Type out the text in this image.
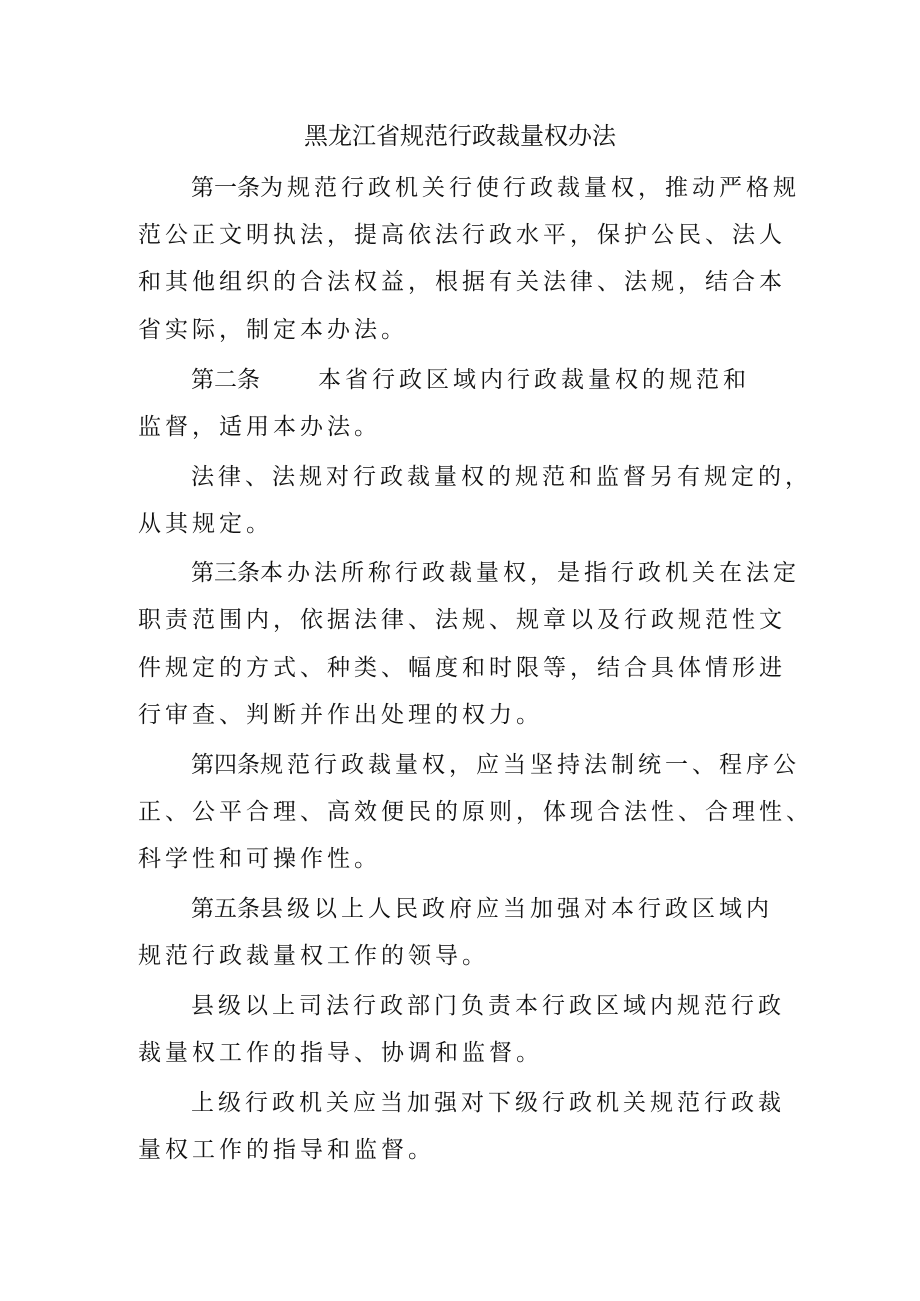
黑龙江省规范行政裁量权办法
第一条为规范行政机关行使行政裁量权，推动严格规
范公正文明执法，提高依法行政水平，保护公民、法人
和其他组织的合法权益，根据有关法律、法规，结合本
省实际，制定本办法。
第二条	本省行政区域内行政裁量权的规范和
监督，适用本办法。
法律、法规对行政裁量权的规范和监督另有规定的，
从其规定。
第三条本办法所称行政裁量权，是指行政机关在法定
职责范围内，依据法律、法规、规章以及行政规范性文
件规定的方式、种类、幅度和时限等，结合具体情形进
行审查、判断并作出处理的权力。
第四条规范行政裁量权，应当坚持法制统一、程序公
正、公平合理、高效便民的原则，体现合法性、合理性、
科学性和可操作性。
第五条县级以上人民政府应当加强对本行政区域内
规范行政裁量权工作的领导。
县级以上司法行政部门负责本行政区域内规范行政
裁量权工作的指导、协调和监督。
上级行政机关应当加强对下级行政机关规范行政裁
量权工作的指导和监督。
